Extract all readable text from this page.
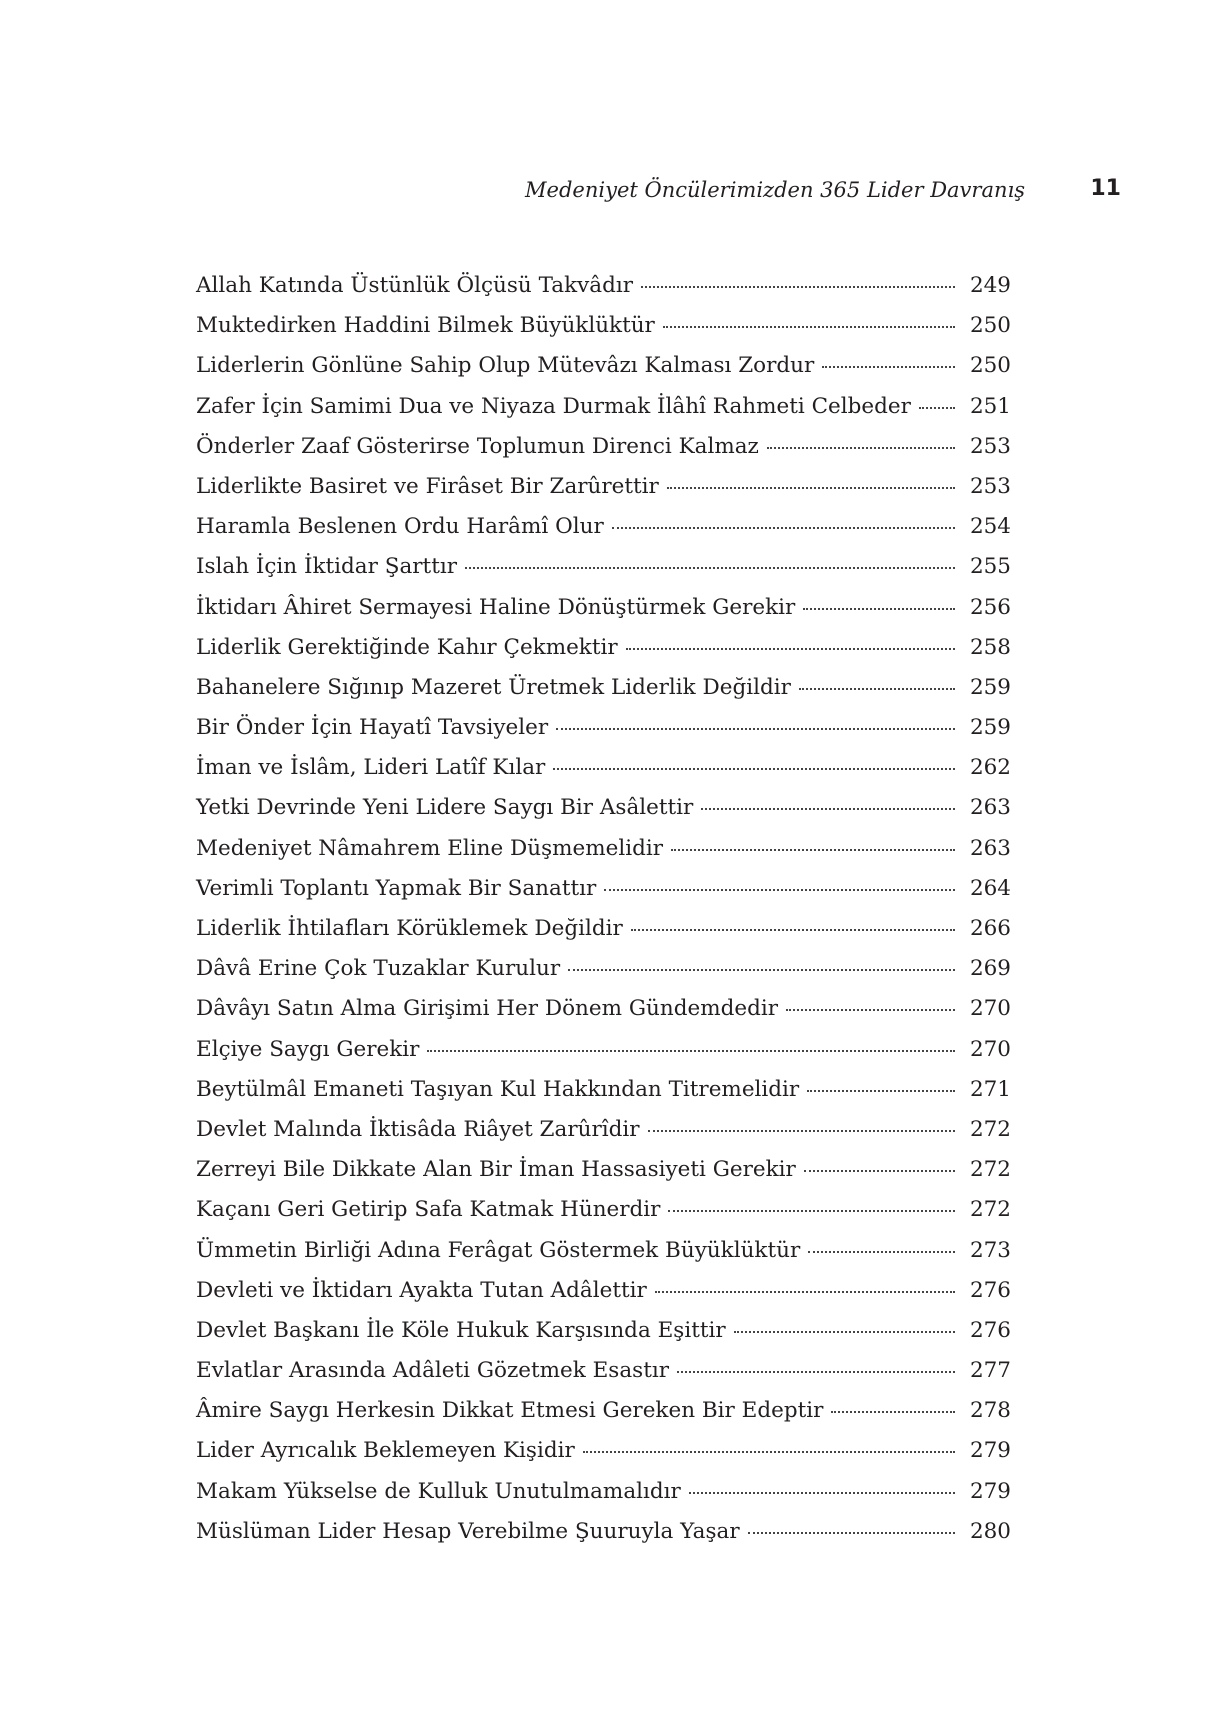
Medeniyet Öncülerimizden 365 Lider Davranış	11
Allah Katında Üstünlük Ölçüsü Takvâdır	249
Muktedirken Haddini Bilmek Büyüklüktür	250
Liderlerin Gönlüne Sahip Olup Mütevâzı Kalması Zordur	250
Zafer İçin Samimi Dua ve Niyaza Durmak İlâhî Rahmeti Celbeder	251
Önderler Zaaf Gösterirse Toplumun Direnci Kalmaz	253
Liderlikte Basiret ve Firâset Bir Zarûrettir	253
Haramla Beslenen Ordu Harâmî Olur	254
Islah İçin İktidar Şarttır	255
İktidarı Âhiret Sermayesi Haline Dönüştürmek Gerekir	256
Liderlik Gerektiğinde Kahır Çekmektir	258
Bahanelere Sığınıp Mazeret Üretmek Liderlik Değildir	259
Bir Önder İçin Hayatî Tavsiyeler	259
İman ve İslâm, Lideri Latîf Kılar	262
Yetki Devrinde Yeni Lidere Saygı Bir Asâlettir	263
Medeniyet Nâmahrem Eline Düşmemelidir	263
Verimli Toplantı Yapmak Bir Sanattır	264
Liderlik İhtilafları Körüklemek Değildir	266
Dâvâ Erine Çok Tuzaklar Kurulur	269
Dâvâyı Satın Alma Girişimi Her Dönem Gündemdedir	270
Elçiye Saygı Gerekir	270
Beytülmâl Emaneti Taşıyan Kul Hakkından Titremelidir	271
Devlet Malında İktisâda Riâyet Zarûrîdir	272
Zerreyi Bile Dikkate Alan Bir İman Hassasiyeti Gerekir	272
Kaçanı Geri Getirip Safa Katmak Hünerdir	272
Ümmetin Birliği Adına Ferâgat Göstermek Büyüklüktür	273
Devleti ve İktidarı Ayakta Tutan Adâlettir	276
Devlet Başkanı İle Köle Hukuk Karşısında Eşittir	276
Evlatlar Arasında Adâleti Gözetmek Esastır	277
Âmire Saygı Herkesin Dikkat Etmesi Gereken Bir Edeptir	278
Lider Ayrıcalık Beklemeyen Kişidir	279
Makam Yükselse de Kulluk Unutulmamalıdır	279
Müslüman Lider Hesap Verebilme Şuuruyla Yaşar	280
